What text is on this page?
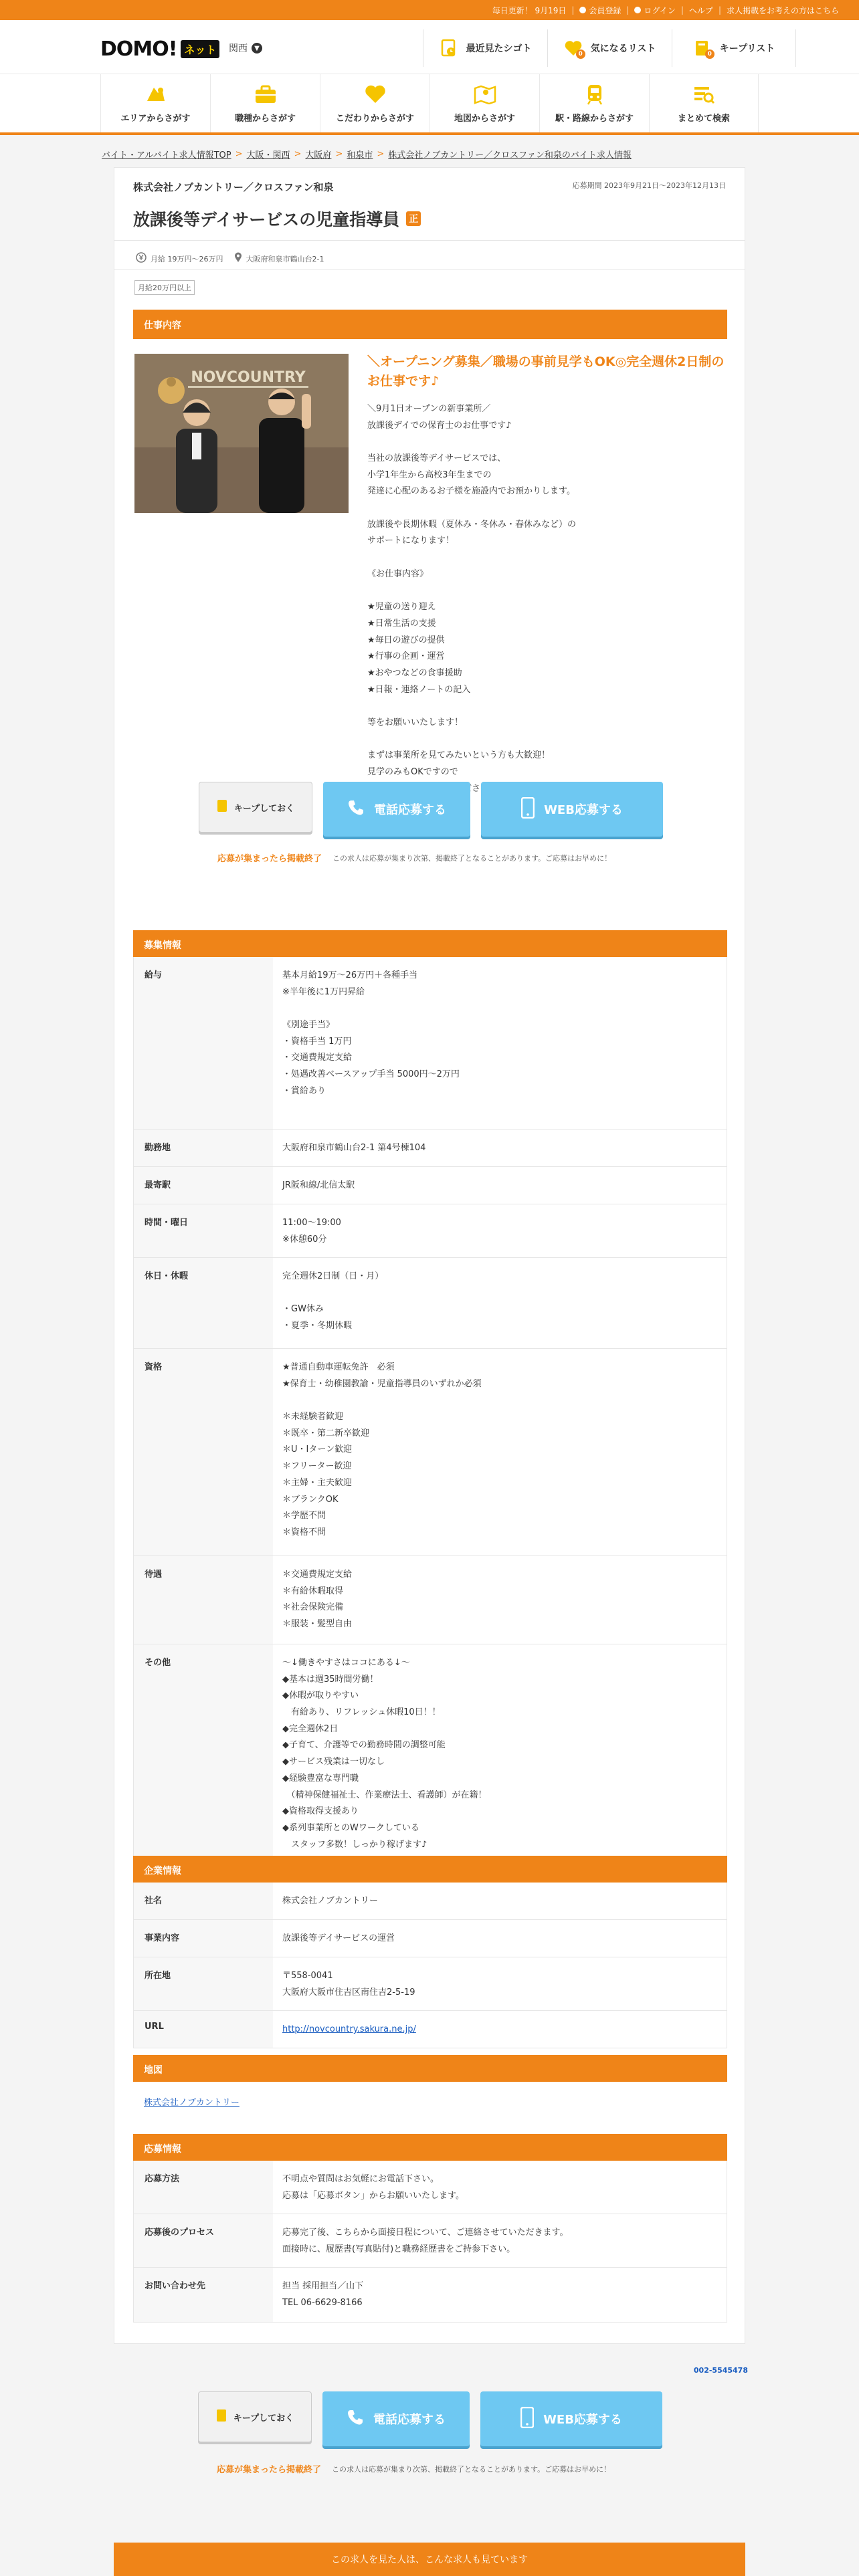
毎日更新！ 9月19日 | 会員登録 | ログイン | ヘルプ | 求人掲載をお考えの方はこちら
DOMO! ネット	関西	▼	最近見たシゴト	0 気になるリスト	0 キープリスト
エリアからさがす	職種からさがす	こだわりからさがす	地図からさがす	駅・路線からさがす	まとめて検索
バイト・アルバイト求人情報TOP > 大阪・関西 > 大阪府 > 和泉市 > 株式会社ノブカントリー／クロスファン和泉のバイト求人情報
株式会社ノブカントリー／クロスファン和泉	応募期間 2023年9月21日～2023年12月13日
放課後等デイサービスの児童指導員 正
月給 19万円〜26万円	大阪府和泉市鶴山台2-1
月給20万円以上
仕事内容
NOVCOUNTRY
＼オープニング募集／職場の事前見学もOK◎完全週休2日制のお仕事です♪

＼9月1日オープンの新事業所／
放課後デイでの保育士のお仕事です♪

当社の放課後等デイサービスでは、
小学1年生から高校3年生までの
発達に心配のあるお子様を施設内でお預かりします。

放課後や長期休暇（夏休み・冬休み・春休みなど）の
サポートになります！

《お仕事内容》

★児童の送り迎え
★日常生活の支援
★毎日の遊びの提供
★行事の企画・運営
★おやつなどの食事援助
★日報・連絡ノートの記入

等をお願いいたします！

まずは事業所を見てみたいという方も大歓迎！
見学のみもOKですので

キープしておく	電話応募する	WEB応募する
応募が集まったら掲載終了 この求人は応募が集まり次第、掲載終了となることがあります。ご応募はお早めに！
募集情報
給与	基本月給19万〜26万円＋各種手当
※半年後に1万円昇給

《別途手当》
・資格手当 1万円
・交通費規定支給
・処遇改善ベースアップ手当 5000円〜2万円
・賞給あり
勤務地	大阪府和泉市鶴山台2-1 第4号棟104
最寄駅	JR阪和線/北信太駅
時間・曜日	11:00〜19:00
※休憩60分
休日・休暇	完全週休2日制（日・月）

・GW休み
・夏季・冬期休暇
資格	★普通自動車運転免許　必須
★保育士・幼稚園教諭・児童指導員のいずれか必須

＊未経験者歓迎
＊既卒・第二新卒歓迎
＊U・Iターン歓迎
＊フリーター歓迎
＊主婦・主夫歓迎
＊ブランクOK
＊学歴不問
＊資格不問
待遇	＊交通費規定支給
＊有給休暇取得
＊社会保険完備
＊服装・髪型自由
その他	～↓働きやすさはココにある↓～
◆基本は週35時間労働！
◆休暇が取りやすい
　有給あり、リフレッシュ休暇10日！！
◆完全週休2日
◆子育て、介護等での勤務時間の調整可能
◆サービス残業は一切なし
◆経験豊富な専門職
　（精神保健福祉士、作業療法士、看護師）が在籍！
◆資格取得支援あり
◆系列事業所とのWワークしている
　スタッフ多数！しっかり稼げます♪
企業情報
社名	株式会社ノブカントリー
事業内容	放課後等デイサービスの運営
所在地	〒558-0041
大阪府大阪市住吉区南住吉2-5-19
URL	http://novcountry.sakura.ne.jp/
地図
株式会社ノブカントリー
応募情報
応募方法	不明点や質問はお気軽にお電話下さい。
応募は「応募ボタン」からお願いいたします。
応募後のプロセス	応募完了後、こちらから面接日程について、ご連絡させていただきます。
面接時に、履歴書(写真貼付)と職務経歴書をご持参下さい。
お問い合わせ先	担当 採用担当／山下
TEL 06-6629-8166
002-5545478
キープしておく	電話応募する	WEB応募する
応募が集まったら掲載終了 この求人は応募が集まり次第、掲載終了となることがあります。ご応募はお早めに！
この求人を見た人は、こんな求人も見ています
